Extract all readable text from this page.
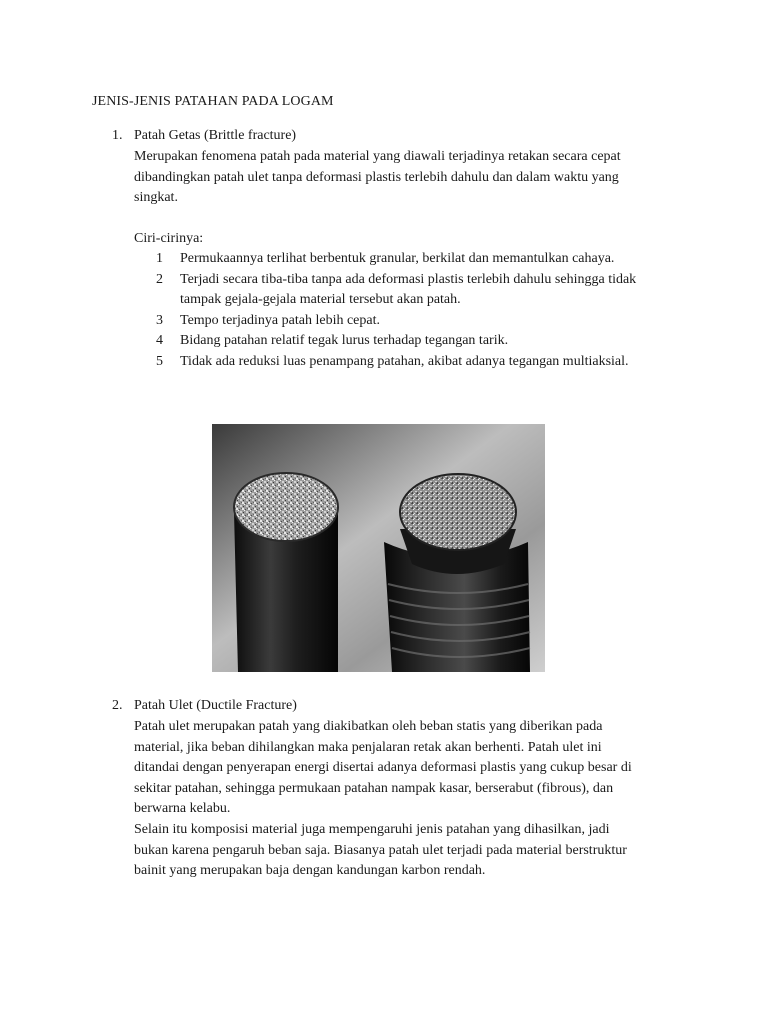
JENIS-JENIS PATAHAN PADA LOGAM
1. Patah Getas (Brittle fracture)

Merupakan fenomena patah pada material yang diawali terjadinya retakan secara cepat

dibandingkan patah ulet tanpa deformasi plastis terlebih dahulu dan dalam waktu yang

singkat.

Ciri-cirinya:
1 Permukaannya terlihat berbentuk granular, berkilat dan memantulkan cahaya.
2 Terjadi secara tiba-tiba tanpa ada deformasi plastis terlebih dahulu sehingga tidak
tampak gejala-gejala material tersebut akan patah.
3 Tempo terjadinya patah lebih cepat.
4 Bidang patahan relatif tegak lurus terhadap tegangan tarik.
5 Tidak ada reduksi luas penampang patahan, akibat adanya tegangan multiaksial.
2. Patah Ulet (Ductile Fracture)

Patah ulet merupakan patah yang diakibatkan oleh beban statis yang diberikan pada

material, jika beban dihilangkan maka penjalaran retak akan berhenti. Patah ulet ini

ditandai dengan penyerapan energi disertai adanya deformasi plastis yang cukup besar di

sekitar patahan, sehingga permukaan patahan nampak kasar, berserabut (fibrous), dan

berwarna kelabu.

Selain itu komposisi material juga mempengaruhi jenis patahan yang dihasilkan, jadi

bukan karena pengaruh beban saja. Biasanya patah ulet terjadi pada material berstruktur

bainit yang merupakan baja dengan kandungan karbon rendah.
